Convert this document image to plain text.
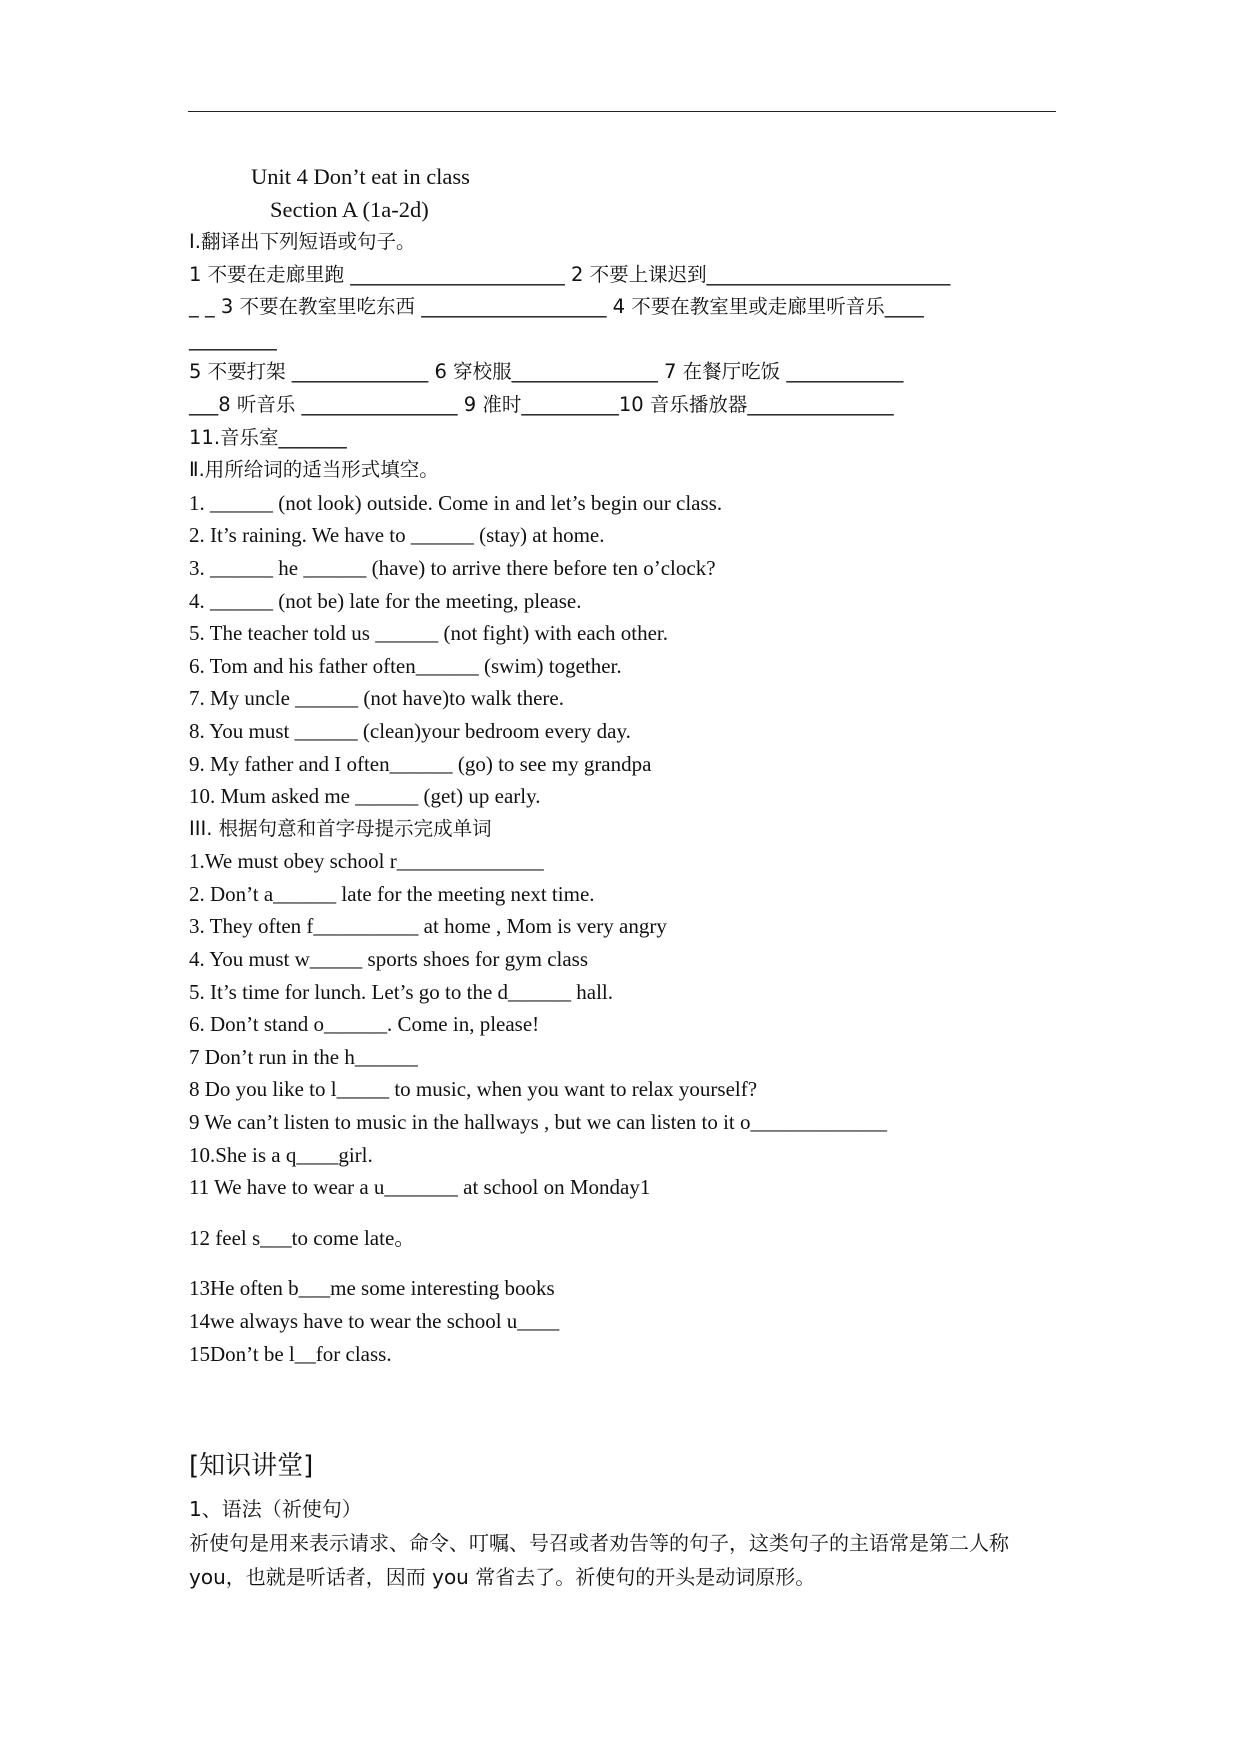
Unit 4 Don’t eat in class
Section A (1a-2d)
I.翻译出下列短语或句子。
1 不要在走廊里跑 ______________________ 2 不要上课迟到_________________________
_ _ 3 不要在教室里吃东西 ___________________ 4 不要在教室里或走廊里听音乐____
_________
5 不要打架 ______________ 6 穿校服_______________ 7 在餐厅吃饭 ____________
___8 听音乐 ________________ 9 准时__________10 音乐播放器_______________
11.音乐室_______
Ⅱ.用所给词的适当形式填空。
1. ______ (not look) outside. Come in and let’s begin our class.
2. It’s raining. We have to ______ (stay) at home.
3. ______ he ______ (have) to arrive there before ten o’clock?
4. ______ (not be) late for the meeting, please.
5. The teacher told us ______ (not fight) with each other.
6. Tom and his father often______ (swim) together.
7. My uncle ______ (not have)to walk there.
8. You must ______ (clean)your bedroom every day.
9. My father and I often______ (go) to see my grandpa
10. Mum asked me ______ (get) up early.
III. 根据句意和首字母提示完成单词
1.We must obey school r______________
2. Don’t a______ late for the meeting next time.
3. They often f__________ at home , Mom is very angry
4. You must w_____ sports shoes for gym class
5. It’s time for lunch. Let’s go to the d______ hall.
6. Don’t stand o______. Come in, please!
7 Don’t run in the h______
8 Do you like to l_____ to music, when you want to relax yourself?
9 We can’t listen to music in the hallways , but we can listen to it o_____________
10.She is a q____girl.
11 We have to wear a u_______ at school on Monday1
12 feel s___to come late。
13He often b___me some interesting books
14we always have to wear the school u____
15Don’t be l__for class.
[知识讲堂]
1、语法（祈使句）
祈使句是用来表示请求、命令、叮嘱、号召或者劝告等的句子，这类句子的主语常是第二人称 you，也就是听话者，因而 you 常省去了。祈使句的开头是动词原形。
